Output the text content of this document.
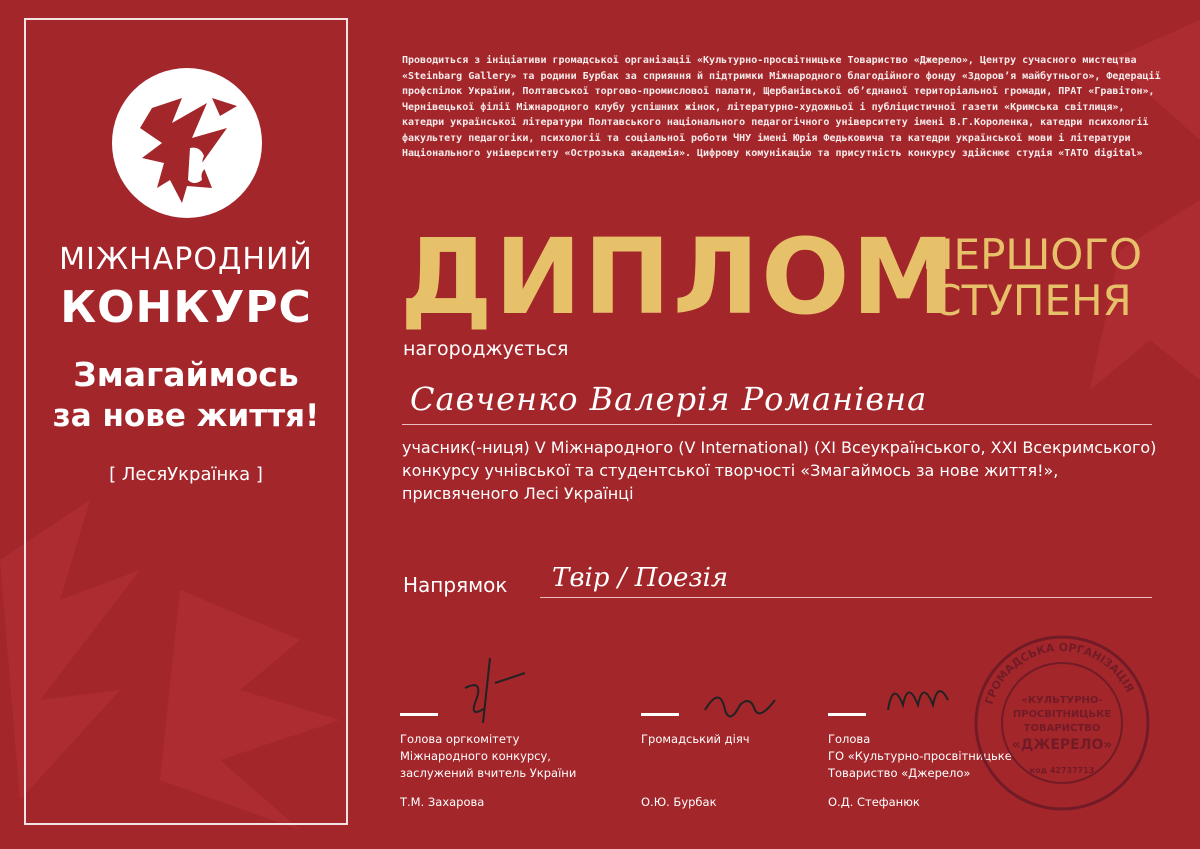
МІЖНАРОДНИЙ
КОНКУРС
Змагаймось
за нове життя!
[ ЛесяУкраїнка ]
Проводиться з ініціативи громадської організації «Культурно-просвітницьке Товариство «Джерело», Центру сучасного мистецтва «Steinbarg Gallery» та родини Бурбак за сприяння й підтримки Міжнародного благодійного фонду «Здоров’я майбутнього», Федерації профспілок України, Полтавської торгово-промислової палати, Щербанівської об’єднаної територіальної громади, ПРАТ «Гравітон», Чернівецької філії Міжнародного клубу успішних жінок, літературно-художньої і публіцистичної газети «Кримська світлиця», катедри української літератури Полтавського національного педагогічного університету імені В.Г.Короленка, катедри психології факультету педагогіки, психології та соціальної роботи ЧНУ імені Юрія Федьковича та катедри української мови і літератури Національного університету «Острозька академія». Цифрову комунікацію та присутність конкурсу здійснює студія «TATO digital»
ДИПЛОМ
ПЕРШОГО
СТУПЕНЯ
нагороджується
Савченко Валерія Романівна
учасник(-ниця) V Міжнародного (V International) (ХІ Всеукраїнського, ХХІ Всекримського) конкурсу учнівської та студентської творчості «Змагаймось за нове життя!», присвяченого Лесі Українці
Напрямок Твір / Поезія
Голова оргкомітету
Міжнародного конкурсу,
заслужений вчитель України
Т.М. Захарова
Громадський діяч
О.Ю. Бурбак
Голова
ГО «Культурно-просвітницьке
Товариство «Джерело»
О.Д. Стефанюк
ГРОМАДСЬКА ОРГАНІЗАЦІЯ
«КУЛЬТУРНО-
ПРОСВІТНИЦЬКЕ
ТОВАРИСТВО
«ДЖЕРЕЛО»
код 42737713
